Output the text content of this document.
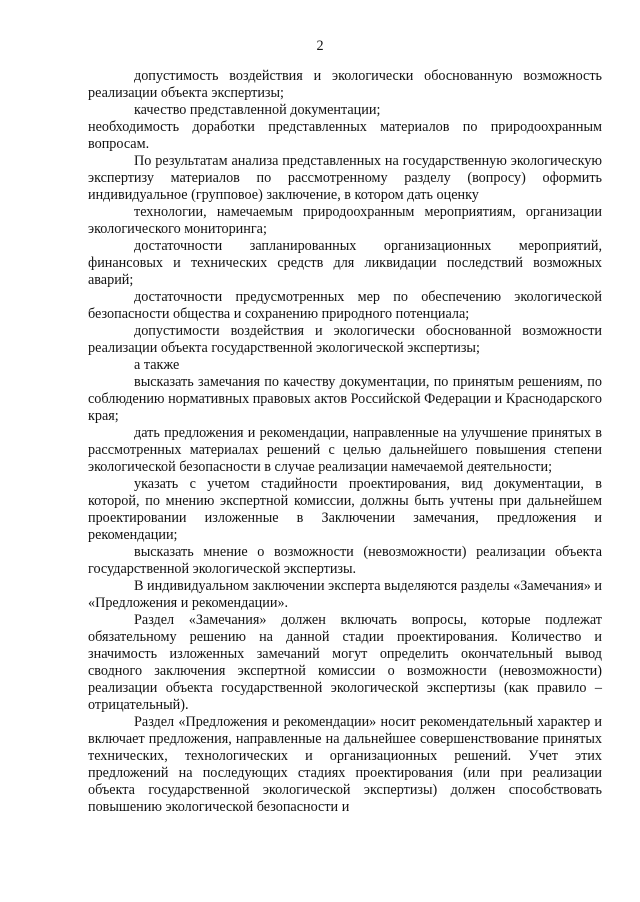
2

допустимость воздействия и экологически обоснованную возможность реализации объекта экспертизы;

качество представленной документации;

необходимость доработки представленных материалов по природоохранным вопросам.

По результатам анализа представленных на государственную экологическую экспертизу материалов по рассмотренному разделу (вопросу) оформить индивидуальное (групповое) заключение, в котором дать оценку

технологии, намечаемым природоохранным мероприятиям, организации экологического мониторинга;

достаточности запланированных организационных мероприятий, финансовых и технических средств для ликвидации последствий возможных аварий;

достаточности предусмотренных мер по обеспечению экологической безопасности общества и сохранению природного потенциала;

допустимости воздействия и экологически обоснованной возможности реализации объекта государственной экологической экспертизы;

а также

высказать замечания по качеству документации, по принятым решениям, по соблюдению нормативных правовых актов Российской Федерации и Краснодарского края;

дать предложения и рекомендации, направленные на улучшение принятых в рассмотренных материалах решений с целью дальнейшего повышения степени экологической безопасности в случае реализации намечаемой деятельности;

указать с учетом стадийности проектирования, вид документации, в которой, по мнению экспертной комиссии, должны быть учтены при дальнейшем проектировании изложенные в Заключении замечания, предложения и рекомендации;

высказать мнение о возможности (невозможности) реализации объекта государственной экологической экспертизы.

В индивидуальном заключении эксперта выделяются разделы «Замечания» и «Предложения и рекомендации».

Раздел «Замечания» должен включать вопросы, которые подлежат обязательному решению на данной стадии проектирования. Количество и значимость изложенных замечаний могут определить окончательный вывод сводного заключения экспертной комиссии о возможности (невозможности) реализации объекта государственной экологической экспертизы (как правило – отрицательный).

Раздел «Предложения и рекомендации» носит рекомендательный характер и включает предложения, направленные на дальнейшее совершенствование принятых технических, технологических и организационных решений. Учет этих предложений на последующих стадиях проектирования (или при реализации объекта государственной экологической экспертизы) должен способствовать повышению экологической безопасности и
